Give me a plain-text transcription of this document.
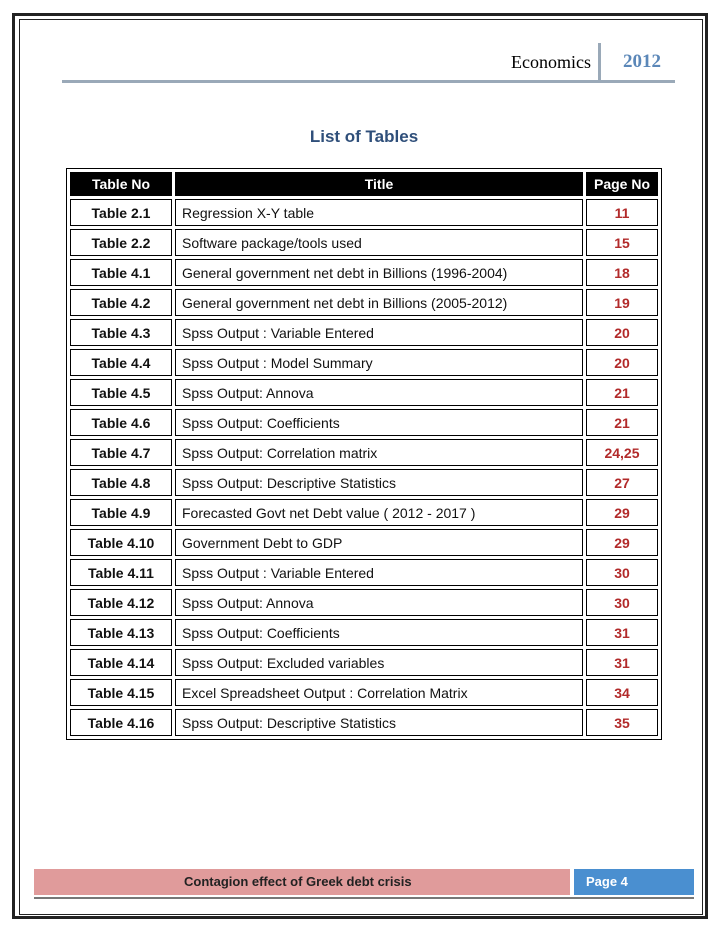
Economics 2012
List of Tables
Table No	Title	Page No
Table 2.1	Regression X-Y table	11
Table 2.2	Software package/tools used	15
Table 4.1	General government net debt in Billions (1996-2004)	18
Table 4.2	General government net debt in Billions (2005-2012)	19
Table 4.3	Spss Output : Variable Entered	20
Table 4.4	Spss Output : Model Summary	20
Table 4.5	Spss Output: Annova	21
Table 4.6	Spss Output: Coefficients	21
Table 4.7	Spss Output: Correlation matrix	24,25
Table 4.8	Spss Output: Descriptive Statistics	27
Table 4.9	Forecasted Govt net Debt value ( 2012 - 2017 )	29
Table 4.10	Government Debt to GDP	29
Table 4.11	Spss Output : Variable Entered	30
Table 4.12	Spss Output: Annova	30
Table 4.13	Spss Output: Coefficients	31
Table 4.14	Spss Output: Excluded variables	31
Table 4.15	Excel Spreadsheet Output : Correlation Matrix	34
Table 4.16	Spss Output: Descriptive Statistics	35
Contagion effect of Greek debt crisis	Page 4
